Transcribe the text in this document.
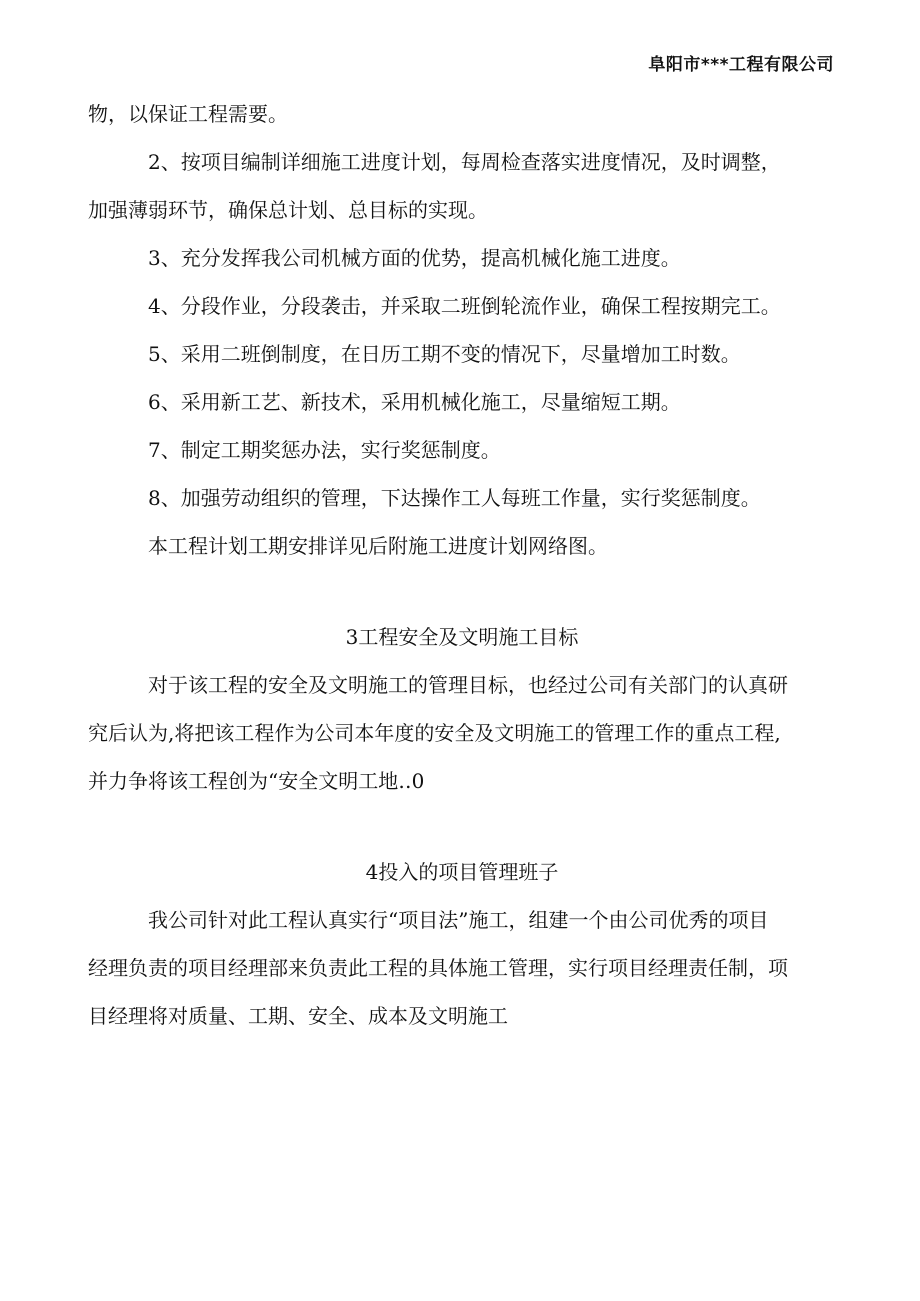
阜阳市***工程有限公司
物，以保证工程需要。
2、按项目编制详细施工进度计划，每周检查落实进度情况，及时调整，
加强薄弱环节，确保总计划、总目标的实现。
3、充分发挥我公司机械方面的优势，提高机械化施工进度。
4、分段作业，分段袭击，并采取二班倒轮流作业，确保工程按期完工。
5、采用二班倒制度，在日历工期不变的情况下，尽量增加工时数。
6、采用新工艺、新技术，采用机械化施工，尽量缩短工期。
7、制定工期奖惩办法，实行奖惩制度。
8、加强劳动组织的管理，下达操作工人每班工作量，实行奖惩制度。
本工程计划工期安排详见后附施工进度计划网络图。
3工程安全及文明施工目标
对于该工程的安全及文明施工的管理目标，也经过公司有关部门的认真研
究后认为,将把该工程作为公司本年度的安全及文明施工的管理工作的重点工程,
并力争将该工程创为“安全文明工地‥0
4投入的项目管理班子
我公司针对此工程认真实行“项目法”施工，组建一个由公司优秀的项目
经理负责的项目经理部来负责此工程的具体施工管理，实行项目经理责任制，项
目经理将对质量、工期、安全、成本及文明施工
